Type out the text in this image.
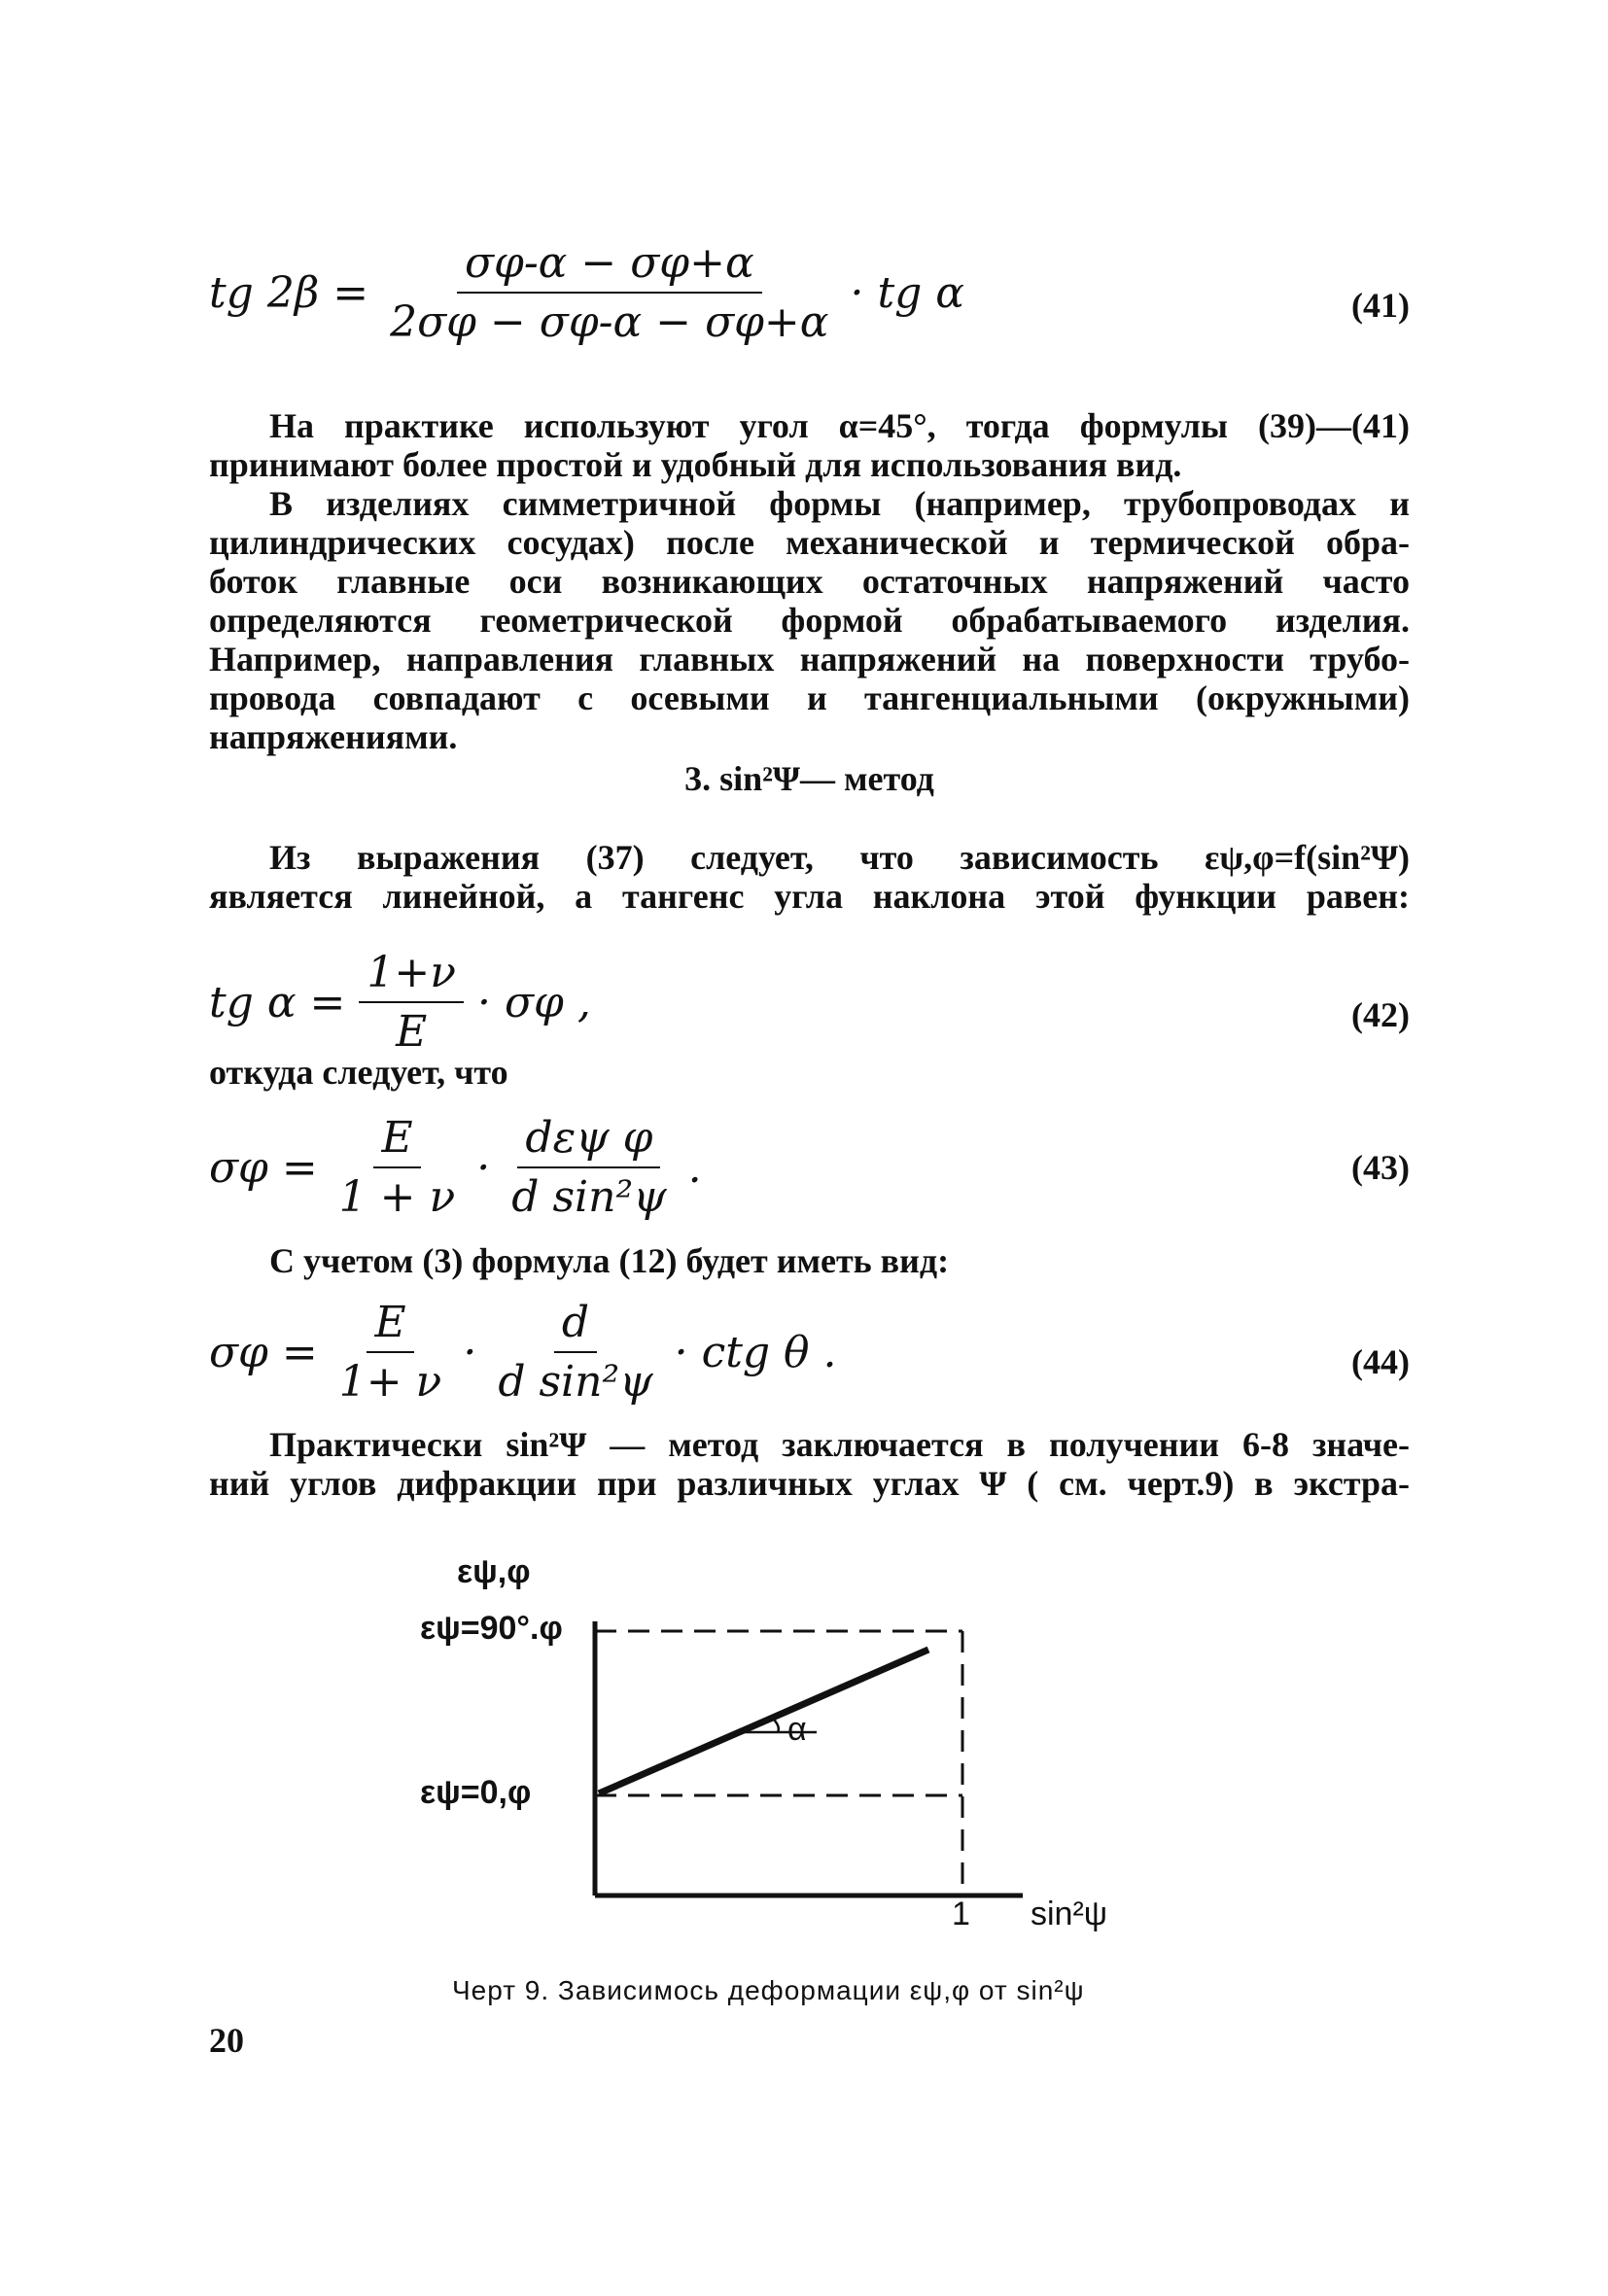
tg $2\beta = \frac{\sigma\varphi-\alpha - \sigma\varphi+\alpha}{2\sigma\varphi - \sigma\varphi-\alpha - \sigma\varphi+\alpha}$ · tg α	(41)
На практике используют угол α=45°, тогда формулы (39)—(41)
принимают более простой и удобный для использования вид.
В изделиях симметричной формы (например, трубопроводах и
цилиндрических сосудах) после механической и термической обра-
боток главные оси возникающих остаточных напряжений часто
определяются геометрической формой обрабатываемого изделия.
Например, направления главных напряжений на поверхности трубо-
провода совпадают с осевыми и тангенциальными (окружными)
напряжениями.
3. sin²Ψ— метод
Из выражения (37) следует, что зависимость εψ,φ=f(sin²Ψ)
является линейной, а тангенс угла наклона этой функции равен:
tg $\alpha = \frac{1+\nu}{E} \cdot \sigma\varphi$ ,	(42)
откуда следует, что
$\sigma\varphi = \frac{E}{1 + \nu} \cdot \frac{\text{dεψ φ}}{\text{d sin²ψ}}$ .	(43)
С учетом (3) формула (12) будет иметь вид:
$\sigma\varphi = \frac{E}{1+ \nu} \cdot \frac{d}{\text{d sin²ψ}}$ · ctg θ .	(44)
Практически sin²Ψ — метод заключается в получении 6-8 значе-
ний углов дифракции при различных углах Ψ ( см. черт.9) в экстра-
εψ,φ
εψ=90°.φ
εψ=0,φ
α
1 sin²ψ
Черт 9. Зависимось деформации εψ,φ от sin²ψ
20
